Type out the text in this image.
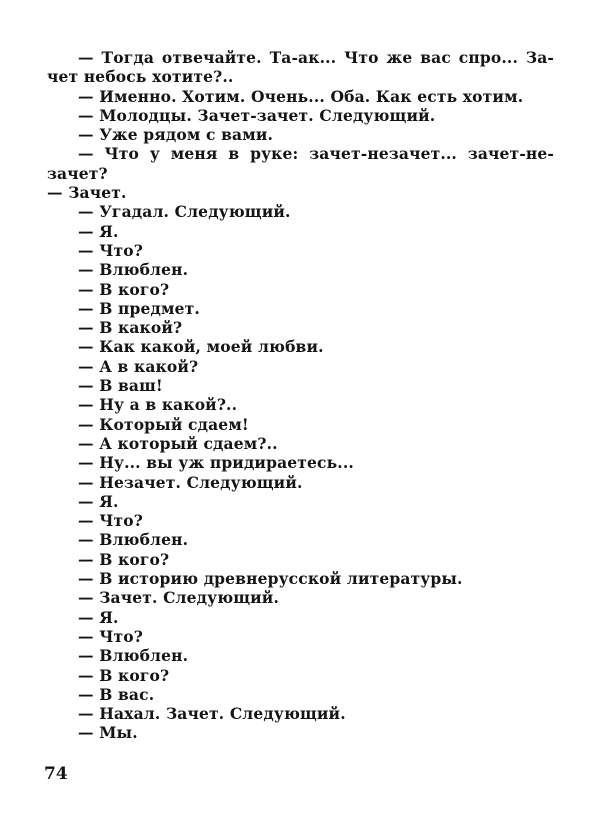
— Тогда отвечайте. Та-ак... Что же вас спро... За-
чет небось хотите?..
— Именно. Хотим. Очень... Оба. Как есть хотим.
— Молодцы. Зачет-зачет. Следующий.
— Уже рядом с вами.
— Что у меня в руке: зачет-незачет... зачет-не-
зачет?
— Зачет.
— Угадал. Следующий.
— Я.
— Что?
— Влюблен.
— В кого?
— В предмет.
— В какой?
— Как какой, моей любви.
— А в какой?
— В ваш!
— Ну а в какой?..
— Который сдаем!
— А который сдаем?..
— Ну... вы уж придираетесь...
— Незачет. Следующий.
— Я.
— Что?
— Влюблен.
— В кого?
— В историю древнерусской литературы.
— Зачет. Следующий.
— Я.
— Что?
— Влюблен.
— В кого?
— В вас.
— Нахал. Зачет. Следующий.
— Мы.
74
